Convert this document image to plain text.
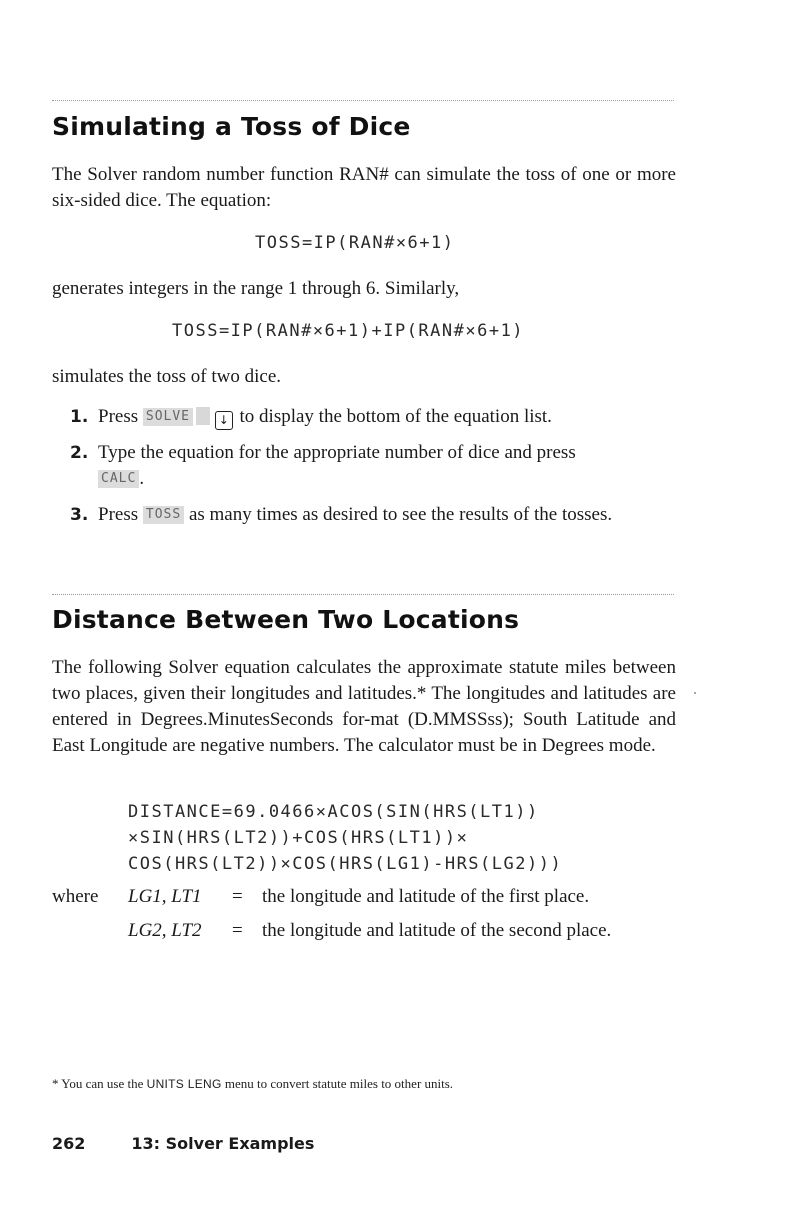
Simulating a Toss of Dice

The Solver random number function RAN# can simulate the toss of one or more six-sided dice. The equation:

TOSS=IP(RAN#×6+1)

generates integers in the range 1 through 6. Similarly,

TOSS=IP(RAN#×6+1)+IP(RAN#×6+1)

simulates the toss of two dice.

1. Press SOLVE ↓ to display the bottom of the equation list.
2. Type the equation for the appropriate number of dice and press
CALC .
3. Press TOSS as many times as desired to see the results of the tosses.
Distance Between Two Locations

The following Solver equation calculates the approximate statute miles between two places, given their longitudes and latitudes.* The longitudes and latitudes are entered in Degrees.MinutesSeconds for-mat (D.MMSSss); South Latitude and East Longitude are negative numbers. The calculator must be in Degrees mode.

DISTANCE=69.0466×ACOS(SIN(HRS(LT1))
×SIN(HRS(LT2))+COS(HRS(LT1))×
COS(HRS(LT2))×COS(HRS(LG1)-HRS(LG2)))
where LG1, LT1 = the longitude and latitude of the first place.
LG2, LT2 = the longitude and latitude of the second place.

* You can use the UNITS LENG menu to convert statute miles to other units.

262	13: Solver Examples
